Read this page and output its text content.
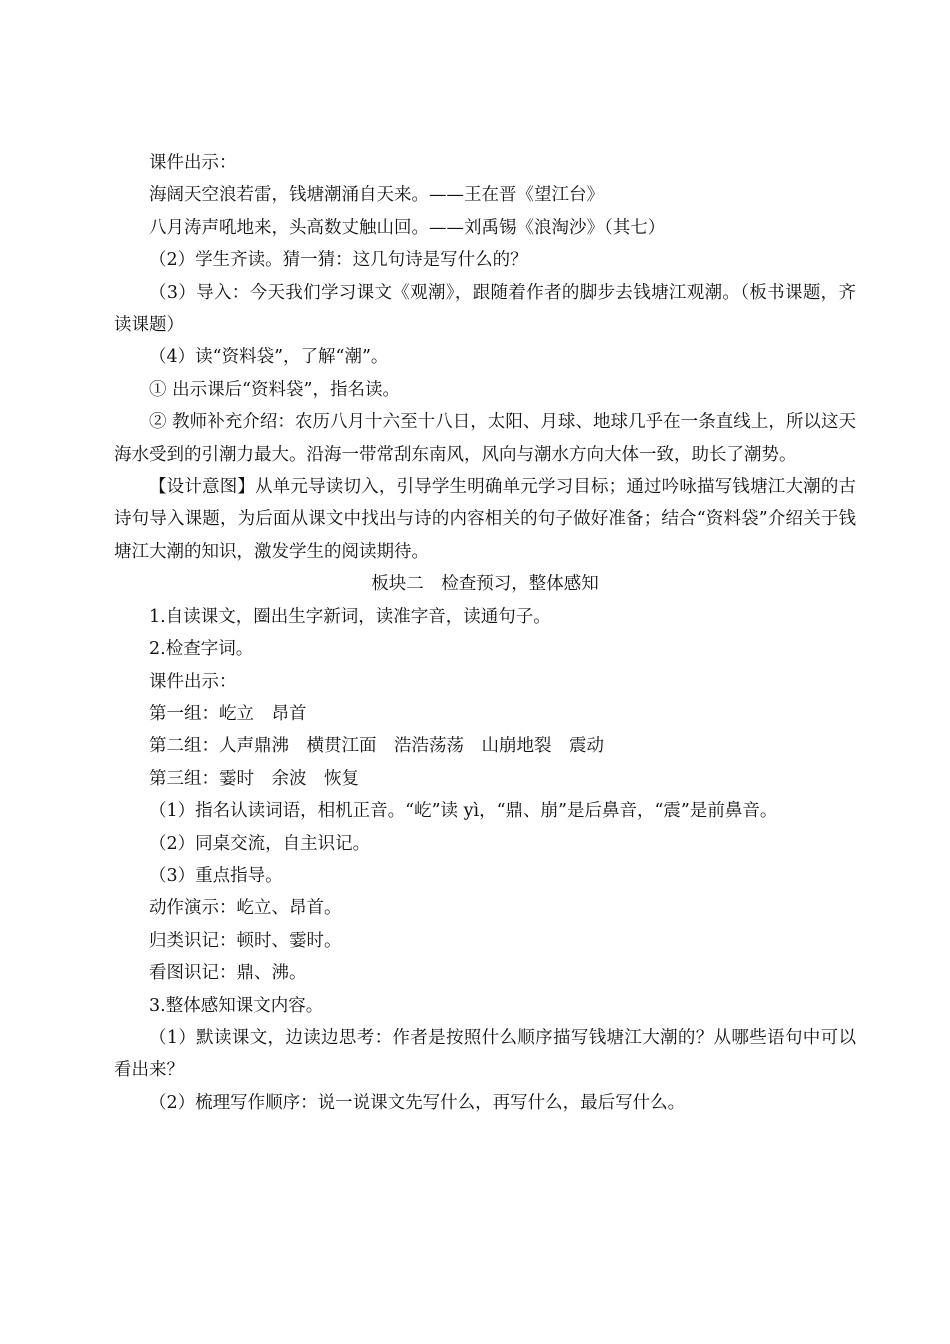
课件出示：

海阔天空浪若雷，钱塘潮涌自天来。——王在晋《望江台》

八月涛声吼地来，头高数丈触山回。——刘禹锡《浪淘沙》（其七）

（2）学生齐读。猜一猜：这几句诗是写什么的？

（3）导入：今天我们学习课文《观潮》，跟随着作者的脚步去钱塘江观潮。（板书课题，齐读课题）

（4）读“资料袋”，了解“潮”。

① 出示课后“资料袋”，指名读。

② 教师补充介绍：农历八月十六至十八日，太阳、月球、地球几乎在一条直线上，所以这天海水受到的引潮力最大。沿海一带常刮东南风，风向与潮水方向大体一致，助长了潮势。

【设计意图】从单元导读切入，引导学生明确单元学习目标；通过吟咏描写钱塘江大潮的古诗句导入课题，为后面从课文中找出与诗的内容相关的句子做好准备；结合“资料袋”介绍关于钱塘江大潮的知识，激发学生的阅读期待。

板块二　检查预习，整体感知

1.自读课文，圈出生字新词，读准字音，读通句子。

2.检查字词。

课件出示：

第一组：屹立　昂首

第二组：人声鼎沸　横贯江面　浩浩荡荡　山崩地裂　震动

第三组：霎时　余波　恢复

（1）指名认读词语，相机正音。“屹”读 yì，“鼎、崩”是后鼻音，“震”是前鼻音。

（2）同桌交流，自主识记。

（3）重点指导。

动作演示：屹立、昂首。

归类识记：顿时、霎时。

看图识记：鼎、沸。

3.整体感知课文内容。

（1）默读课文，边读边思考：作者是按照什么顺序描写钱塘江大潮的？从哪些语句中可以看出来？

（2）梳理写作顺序：说一说课文先写什么，再写什么，最后写什么。
